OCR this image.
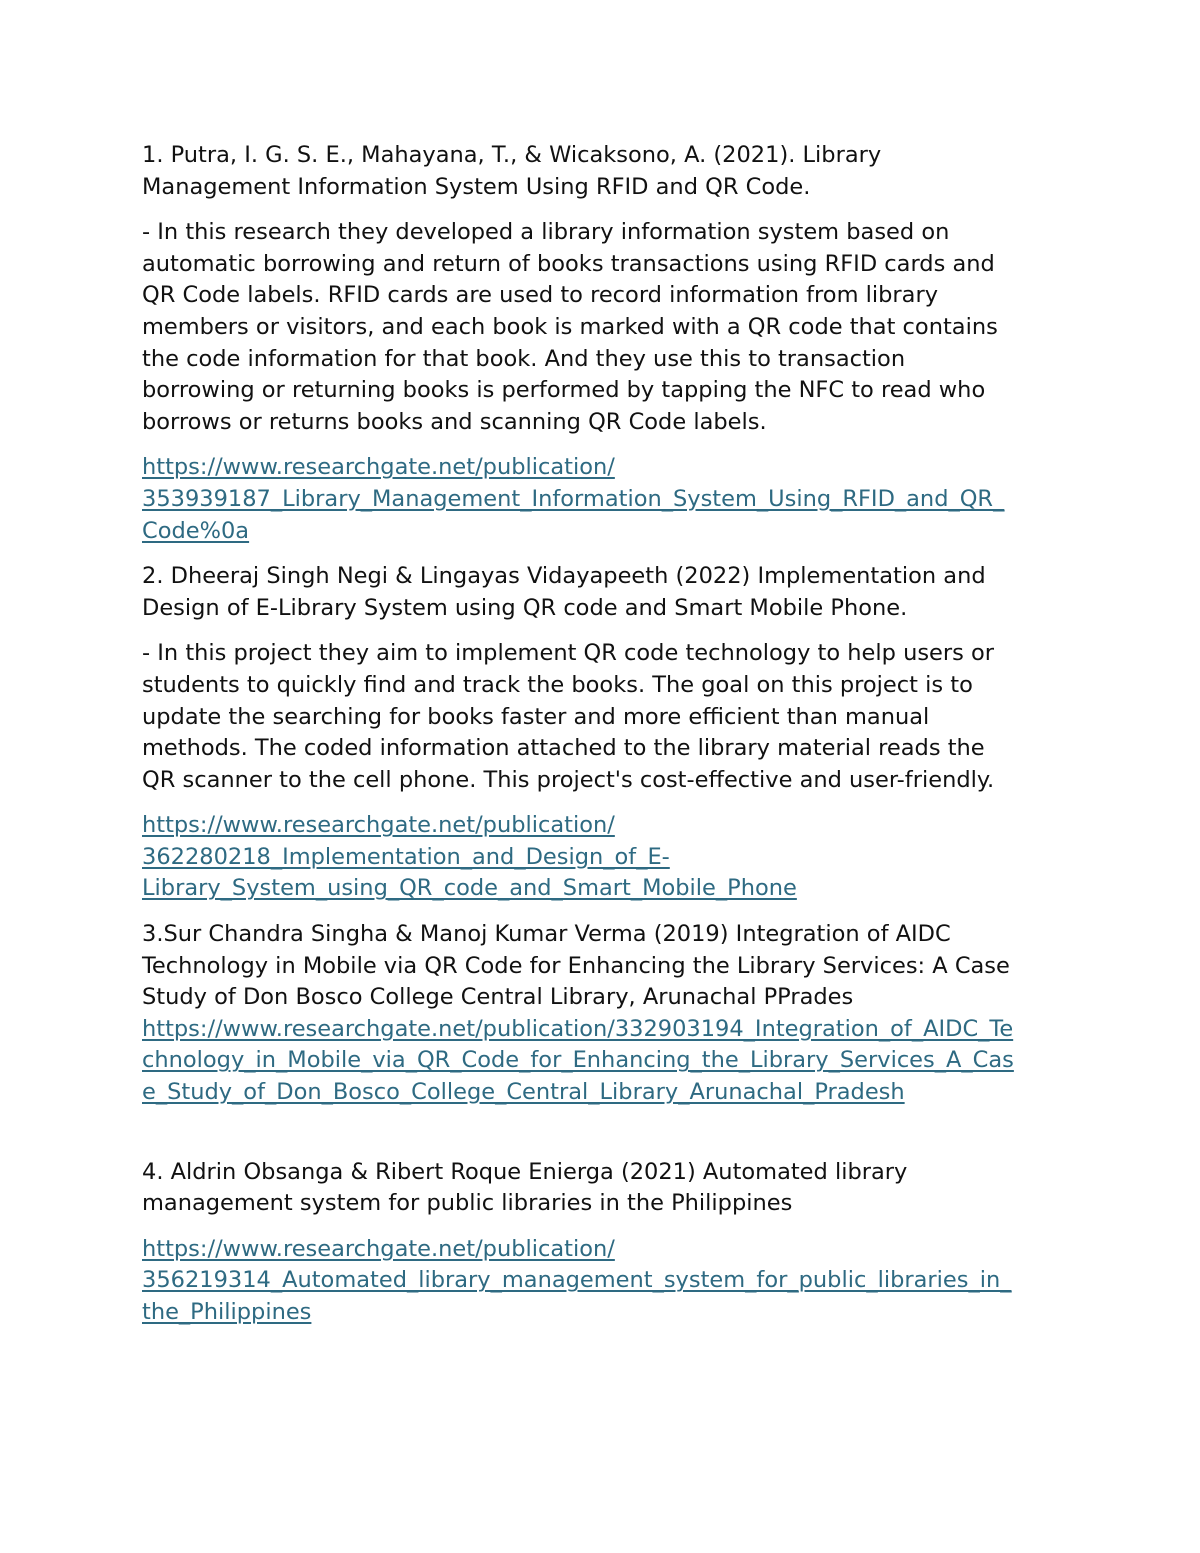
1. Putra, I. G. S. E., Mahayana, T., & Wicaksono, A. (2021). Library
Management Information System Using RFID and QR Code.
- In this research they developed a library information system based on
automatic borrowing and return of books transactions using RFID cards and
QR Code labels. RFID cards are used to record information from library
members or visitors, and each book is marked with a QR code that contains
the code information for that book. And they use this to transaction
borrowing or returning books is performed by tapping the NFC to read who
borrows or returns books and scanning QR Code labels.
https://www.researchgate.net/publication/
353939187_Library_Management_Information_System_Using_RFID_and_QR_
Code%0a
2. Dheeraj Singh Negi & Lingayas Vidayapeeth (2022) Implementation and
Design of E-Library System using QR code and Smart Mobile Phone.
- In this project they aim to implement QR code technology to help users or
students to quickly find and track the books. The goal on this project is to
update the searching for books faster and more efficient than manual
methods. The coded information attached to the library material reads the
QR scanner to the cell phone. This project's cost-effective and user-friendly.
https://www.researchgate.net/publication/
362280218_Implementation_and_Design_of_E-
Library_System_using_QR_code_and_Smart_Mobile_Phone
3.Sur Chandra Singha & Manoj Kumar Verma (2019) Integration of AIDC
Technology in Mobile via QR Code for Enhancing the Library Services: A Case
Study of Don Bosco College Central Library, Arunachal PPrades
https://www.researchgate.net/publication/332903194_Integration_of_AIDC_Te
chnology_in_Mobile_via_QR_Code_for_Enhancing_the_Library_Services_A_Cas
e_Study_of_Don_Bosco_College_Central_Library_Arunachal_Pradesh
4. Aldrin Obsanga & Ribert Roque Enierga (2021) Automated library
management system for public libraries in the Philippines
https://www.researchgate.net/publication/
356219314_Automated_library_management_system_for_public_libraries_in_
the_Philippines
